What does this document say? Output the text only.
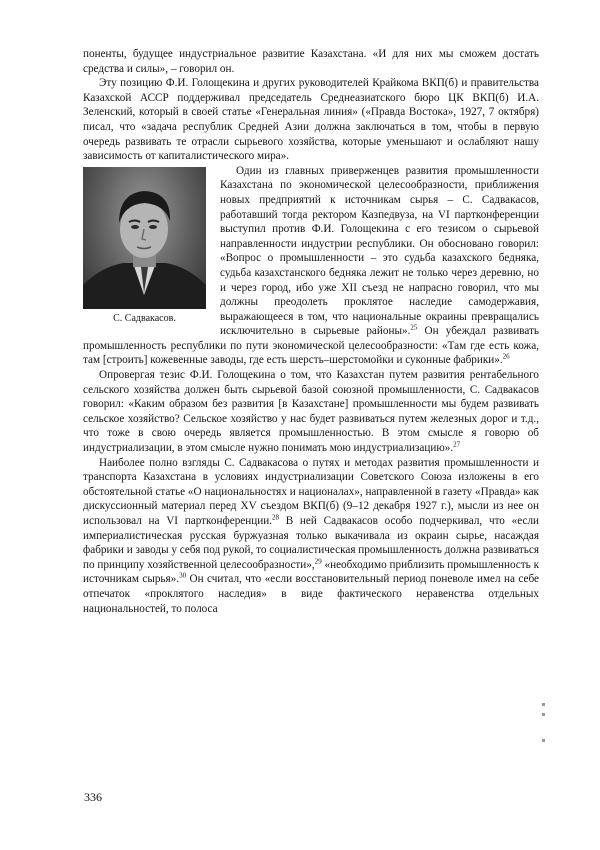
поненты, будущее индустриальное развитие Казахстана. «И для них мы сможем достать средства и силы», – говорил он.

Эту позицию Ф.И. Голощекина и других руководителей Крайкома ВКП(б) и правительства Казахской АССР поддерживал председатель Среднеазиатского бюро ЦК ВКП(б) И.А. Зеленский, который в своей статье «Генеральная линия» («Правда Востока», 1927, 7 октября) писал, что «задача республик Средней Азии должна заключаться в том, чтобы в первую очередь развивать те отрасли сырьевого хозяйства, которые уменьшают и ослабляют нашу зависимость от капиталистического мира».

С. Садвакасов.

Один из главных приверженцев развития промышленности Казахстана по экономической целесообразности, приближения новых предприятий к источникам сырья – С. Садвакасов, работавший тогда ректором Казпедвуза, на VI партконференции выступил против Ф.И. Голощекина с его тезисом о сырьевой направленности индустрии республики. Он обосновано говорил: «Вопрос о промышленности – это судьба казахского бедняка, судьба казахстанского бедняка лежит не только через деревню, но и через город, ибо уже XII съезд не напрасно говорил, что мы должны преодолеть проклятое наследие самодержавия, выражающееся в том, что национальные окраины превращались исключительно в сырьевые районы».$^{25}$ Он убеждал развивать промышленность республики по пути экономической целесообразности: «Там где есть кожа, там [строить] кожевенные заводы, где есть шерсть–шерстомойки и суконные фабрики».$^{26}$

Опровергая тезис Ф.И. Голощекина о том, что Казахстан путем развития рентабельного сельского хозяйства должен быть сырьевой базой союзной промышленности, С. Садвакасов говорил: «Каким образом без развития [в Казахстане] промышленности мы будем развивать сельское хозяйство? Сельское хозяйство у нас будет развиваться путем железных дорог и т.д., что тоже в свою очередь является промышленностью. В этом смысле я говорю об индустриализации, в этом смысле нужно понимать мою индустриализацию».$^{27}$

Наиболее полно взгляды С. Садвакасова о путях и методах развития промышленности и транспорта Казахстана в условиях индустриализации Советского Союза изложены в его обстоятельной статье «О национальностях и националах», направленной в газету «Правда» как дискуссионный материал перед XV съездом ВКП(б) (9–12 декабря 1927 г.), мысли из нее он использовал на VI партконференции.$^{28}$ В ней Садвакасов особо подчеркивал, что «если империалистическая русская буржуазная только выкачивала из окраин сырье, насаждая фабрики и заводы у себя под рукой, то социалистическая промышленность должна развиваться по принципу хозяйственной целесообразности»,$^{29}$ «необходимо приблизить промышленность к источникам сырья».$^{30}$ Он считал, что «если восстановительный период поневоле имел на себе отпечаток «проклятого наследия» в виде фактического неравенства отдельных национальностей, то полоса

336
